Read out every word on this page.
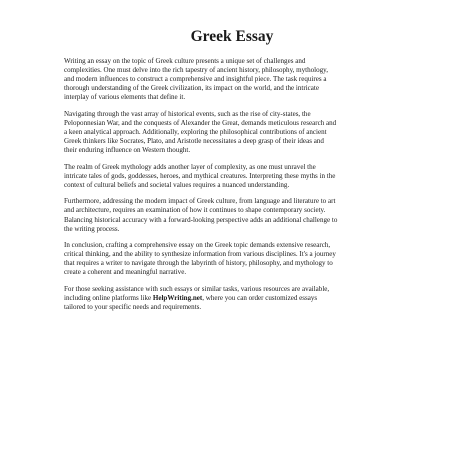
Greek Essay
Writing an essay on the topic of Greek culture presents a unique set of challenges and
complexities. One must delve into the rich tapestry of ancient history, philosophy, mythology,
and modern influences to construct a comprehensive and insightful piece. The task requires a
thorough understanding of the Greek civilization, its impact on the world, and the intricate
interplay of various elements that define it.
Navigating through the vast array of historical events, such as the rise of city-states, the
Peloponnesian War, and the conquests of Alexander the Great, demands meticulous research and
a keen analytical approach. Additionally, exploring the philosophical contributions of ancient
Greek thinkers like Socrates, Plato, and Aristotle necessitates a deep grasp of their ideas and
their enduring influence on Western thought.
The realm of Greek mythology adds another layer of complexity, as one must unravel the
intricate tales of gods, goddesses, heroes, and mythical creatures. Interpreting these myths in the
context of cultural beliefs and societal values requires a nuanced understanding.
Furthermore, addressing the modern impact of Greek culture, from language and literature to art
and architecture, requires an examination of how it continues to shape contemporary society.
Balancing historical accuracy with a forward-looking perspective adds an additional challenge to
the writing process.
In conclusion, crafting a comprehensive essay on the Greek topic demands extensive research,
critical thinking, and the ability to synthesize information from various disciplines. It's a journey
that requires a writer to navigate through the labyrinth of history, philosophy, and mythology to
create a coherent and meaningful narrative.
For those seeking assistance with such essays or similar tasks, various resources are available,
including online platforms like HelpWriting.net, where you can order customized essays
tailored to your specific needs and requirements.
